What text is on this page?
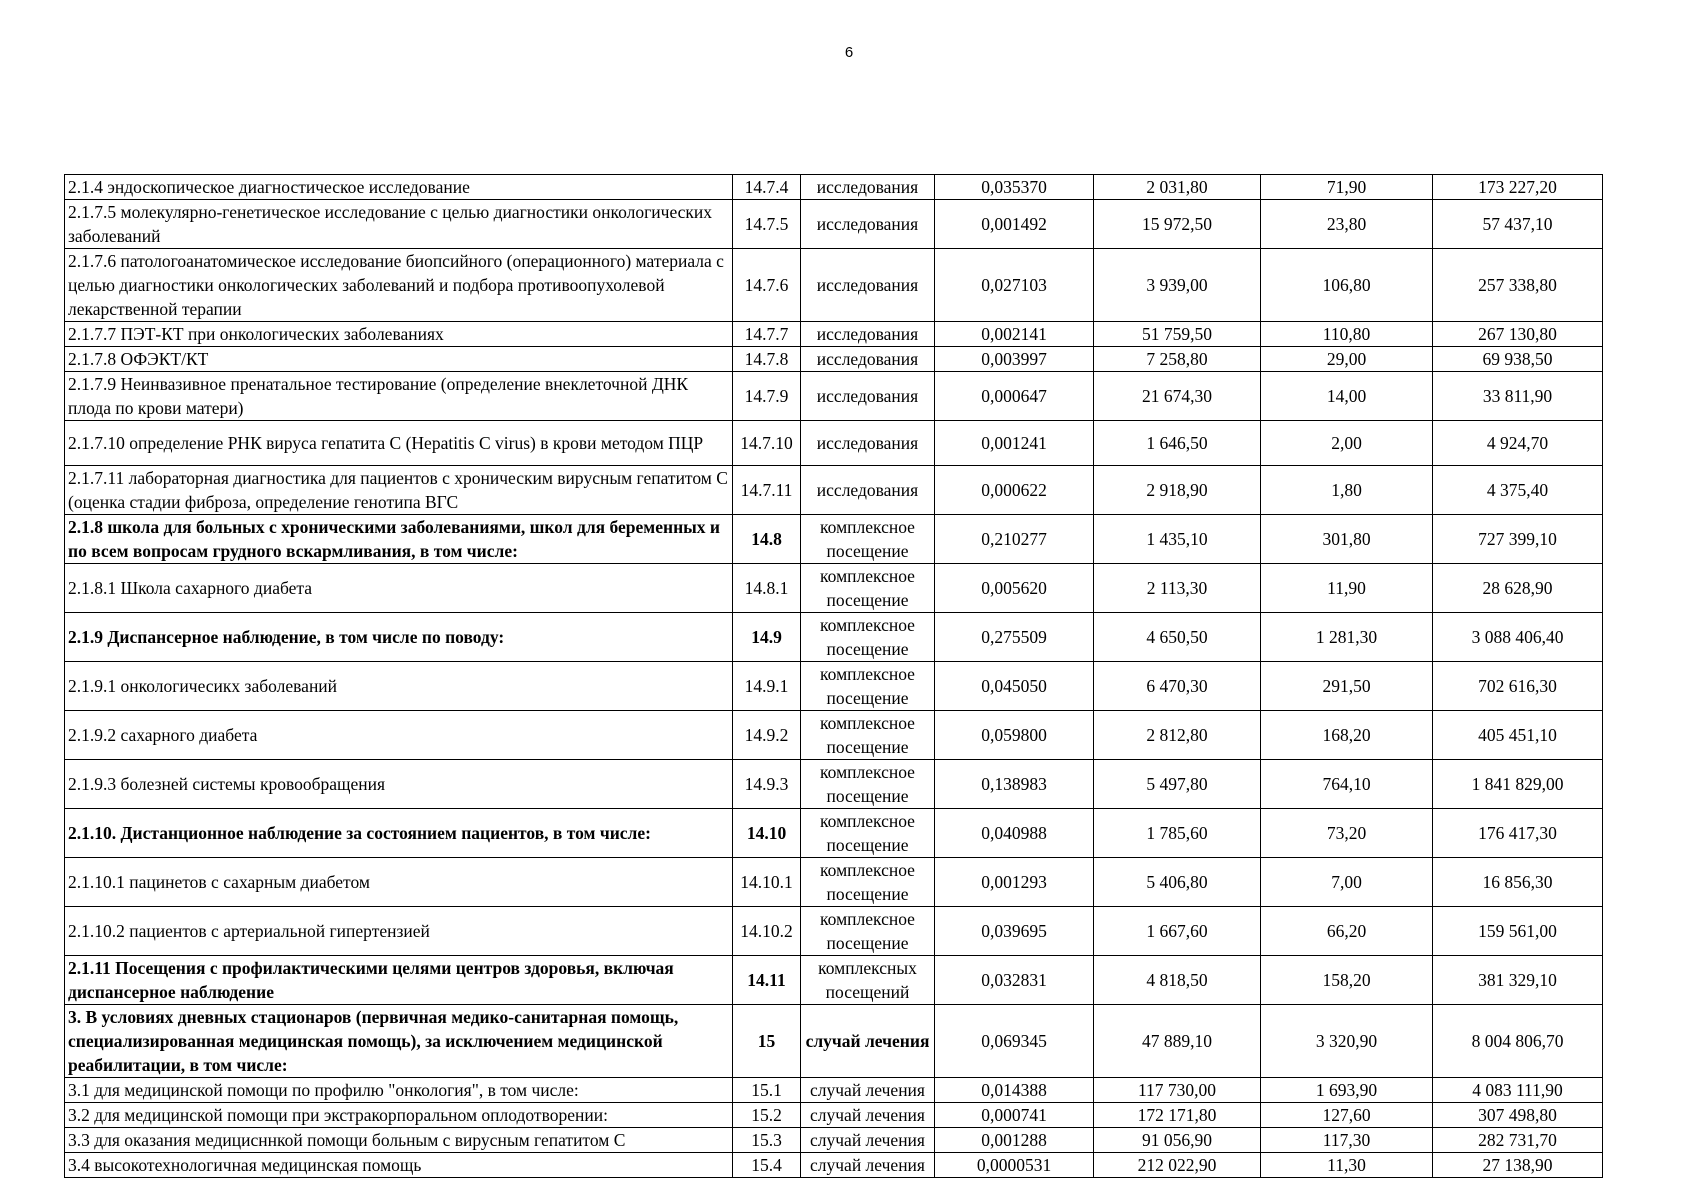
6
2.1.4 эндоскопическое диагностическое исследование	14.7.4	исследования	0,035370	2 031,80	71,90	173 227,20
2.1.7.5 молекулярно-генетическое исследование с целью диагностики онкологических заболеваний	14.7.5	исследования	0,001492	15 972,50	23,80	57 437,10
2.1.7.6 патологоанатомическое исследование биопсийного (операционного) материала с целью диагностики онкологических заболеваний и подбора противоопухолевой лекарственной терапии	14.7.6	исследования	0,027103	3 939,00	106,80	257 338,80
2.1.7.7 ПЭТ-КТ при онкологических заболеваниях	14.7.7	исследования	0,002141	51 759,50	110,80	267 130,80
2.1.7.8 ОФЭКТ/КТ	14.7.8	исследования	0,003997	7 258,80	29,00	69 938,50
2.1.7.9 Неинвазивное пренатальное тестирование (определение внеклеточной ДНК плода по крови матери)	14.7.9	исследования	0,000647	21 674,30	14,00	33 811,90
2.1.7.10 определение РНК вируса гепатита С (Hepatitis C virus) в крови методом ПЦР	14.7.10	исследования	0,001241	1 646,50	2,00	4 924,70
2.1.7.11 лабораторная диагностика для пациентов с хроническим вирусным гепатитом С (оценка стадии фиброза, определение генотипа ВГС	14.7.11	исследования	0,000622	2 918,90	1,80	4 375,40
2.1.8 школа для больных с хроническими заболеваниями, школ для беременных и по всем вопросам грудного вскармливания, в том числе:	14.8	комплексное посещение	0,210277	1 435,10	301,80	727 399,10
2.1.8.1 Школа сахарного диабета	14.8.1	комплексное посещение	0,005620	2 113,30	11,90	28 628,90
2.1.9 Диспансерное наблюдение, в том числе по поводу:	14.9	комплексное посещение	0,275509	4 650,50	1 281,30	3 088 406,40
2.1.9.1 онкологичесикх заболеваний	14.9.1	комплексное посещение	0,045050	6 470,30	291,50	702 616,30
2.1.9.2 сахарного диабета	14.9.2	комплексное посещение	0,059800	2 812,80	168,20	405 451,10
2.1.9.3 болезней системы кровообращения	14.9.3	комплексное посещение	0,138983	5 497,80	764,10	1 841 829,00
2.1.10. Дистанционное наблюдение за состоянием пациентов, в том числе:	14.10	комплексное посещение	0,040988	1 785,60	73,20	176 417,30
2.1.10.1 пацинетов с сахарным диабетом	14.10.1	комплексное посещение	0,001293	5 406,80	7,00	16 856,30
2.1.10.2 пациентов с артериальной гипертензией	14.10.2	комплексное посещение	0,039695	1 667,60	66,20	159 561,00
2.1.11 Посещения с профилактическими целями центров здоровья, включая диспансерное наблюдение	14.11	комплексных посещений	0,032831	4 818,50	158,20	381 329,10
3. В условиях дневных стационаров (первичная медико-санитарная помощь, специализированная медицинская помощь), за исключением медицинской реабилитации, в том числе:	15	случай лечения	0,069345	47 889,10	3 320,90	8 004 806,70
3.1 для медицинской помощи по профилю "онкология", в том числе:	15.1	случай лечения	0,014388	117 730,00	1 693,90	4 083 111,90
3.2 для медицинской помощи при экстракорпоральном оплодотворении:	15.2	случай лечения	0,000741	172 171,80	127,60	307 498,80
3.3 для оказания медицисннкой помощи больным с вирусным гепатитом С	15.3	случай лечения	0,001288	91 056,90	117,30	282 731,70
3.4 высокотехнологичная медицинская помощь	15.4	случай лечения	0,0000531	212 022,90	11,30	27 138,90
